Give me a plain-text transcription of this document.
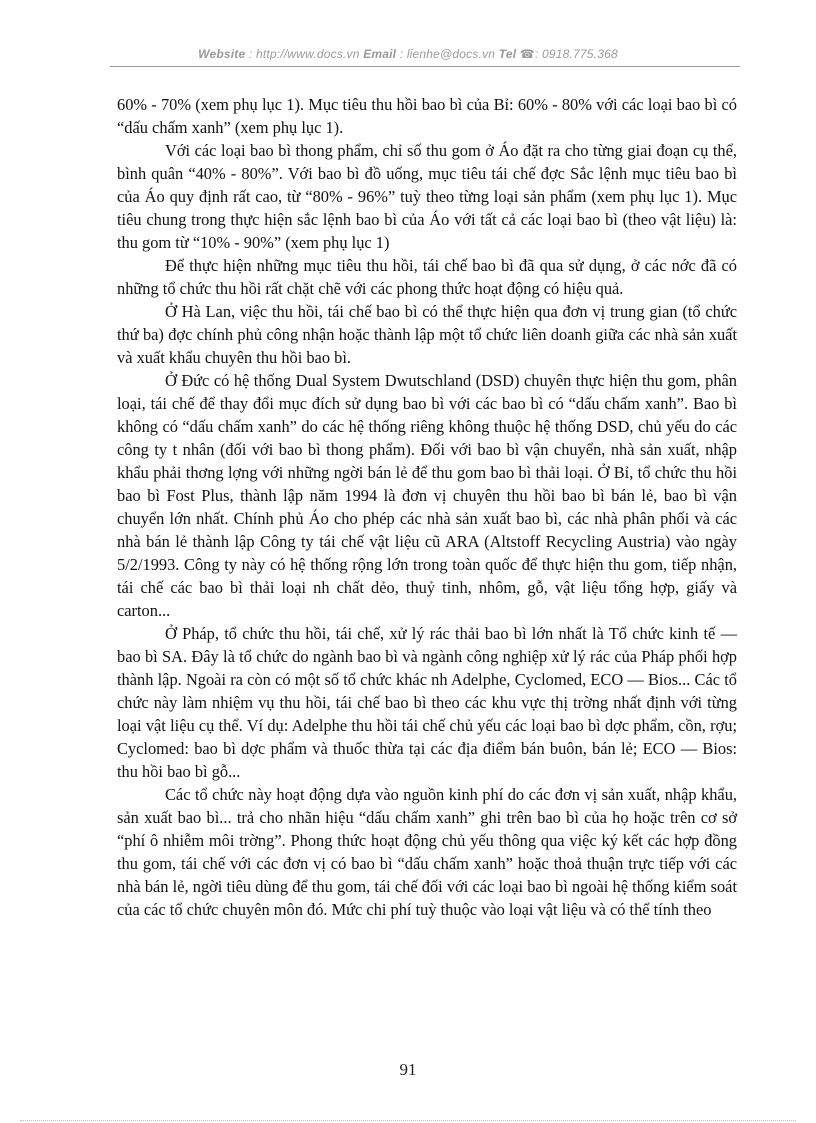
Website : http://www.docs.vn Email : lienhe@docs.vn Tel ☎: 0918.775.368

60% - 70% (xem phụ lục 1). Mục tiêu thu hồi bao bì của Bỉ: 60% - 80% với các loại bao bì có “dấu chấm xanh” (xem phụ lục 1).

Với các loại bao bì thong phẩm, chỉ số thu gom ở Áo đặt ra cho từng giai đoạn cụ thể, bình quân “40% - 80%”. Với bao bì đồ uống, mục tiêu tái chế đợc Sắc lệnh mục tiêu bao bì của Áo quy định rất cao, từ “80% - 96%” tuỳ theo từng loại sản phẩm (xem phụ lục 1). Mục tiêu chung trong thực hiện sắc lệnh bao bì của Áo với tất cả các loại bao bì (theo vật liệu) là: thu gom từ “10% - 90%” (xem phụ lục 1)

Để thực hiện những mục tiêu thu hồi, tái chế bao bì đã qua sử dụng, ở các nớc đã có những tổ chức thu hồi rất chặt chẽ với các phong thức hoạt động có hiệu quả.

Ở Hà Lan, việc thu hồi, tái chế bao bì có thể thực hiện qua đơn vị trung gian (tổ chức thứ ba) đợc chính phủ công nhận hoặc thành lập một tổ chức liên doanh giữa các nhà sản xuất và xuất khẩu chuyên thu hồi bao bì.

Ở Đức có hệ thống Dual System Dwutschland (DSD) chuyên thực hiện thu gom, phân loại, tái chế để thay đổi mục đích sử dụng bao bì với các bao bì có “dấu chấm xanh”. Bao bì không có “dấu chấm xanh” do các hệ thống riêng không thuộc hệ thống DSD, chủ yếu do các công ty t nhân (đối với bao bì thong phẩm). Đối với bao bì vận chuyển, nhà sản xuất, nhập khẩu phải thơng lợng với những ngời bán lẻ để thu gom bao bì thải loại. Ở Bỉ, tổ chức thu hồi bao bì Fost Plus, thành lập năm 1994 là đơn vị chuyên thu hồi bao bì bán lẻ, bao bì vận chuyển lớn nhất. Chính phủ Áo cho phép các nhà sản xuất bao bì, các nhà phân phối và các nhà bán lẻ thành lập Công ty tái chế vật liệu cũ ARA (Altstoff Recycling Austria) vào ngày 5/2/1993. Công ty này có hệ thống rộng lớn trong toàn quốc để thực hiện thu gom, tiếp nhận, tái chế các bao bì thải loại nh chất dẻo, thuỷ tinh, nhôm, gỗ, vật liệu tổng hợp, giấy và carton...

Ở Pháp, tổ chức thu hồi, tái chế, xử lý rác thải bao bì lớn nhất là Tổ chức kinh tế — bao bì SA. Đây là tổ chức do ngành bao bì và ngành công nghiệp xử lý rác của Pháp phối hợp thành lập. Ngoài ra còn có một số tổ chức khác nh Adelphe, Cyclomed, ECO — Bios... Các tổ chức này làm nhiệm vụ thu hồi, tái chế bao bì theo các khu vực thị trờng nhất định với từng loại vật liệu cụ thể. Ví dụ: Adelphe thu hồi tái chế chủ yếu các loại bao bì dợc phẩm, cồn, rợu; Cyclomed: bao bì dợc phẩm và thuốc thừa tại các địa điểm bán buôn, bán lẻ; ECO — Bios: thu hồi bao bì gỗ...

Các tổ chức này hoạt động dựa vào nguồn kinh phí do các đơn vị sản xuất, nhập khẩu, sản xuất bao bì... trả cho nhãn hiệu “dấu chấm xanh” ghi trên bao bì của họ hoặc trên cơ sở “phí ô nhiễm môi trờng”. Phong thức hoạt động chủ yếu thông qua việc ký kết các hợp đồng thu gom, tái chế với các đơn vị có bao bì “dấu chấm xanh” hoặc thoả thuận trực tiếp với các nhà bán lẻ, ngời tiêu dùng để thu gom, tái chế đối với các loại bao bì ngoài hệ thống kiểm soát của các tổ chức chuyên môn đó. Mức chi phí tuỳ thuộc vào loại vật liệu và có thể tính theo

91
